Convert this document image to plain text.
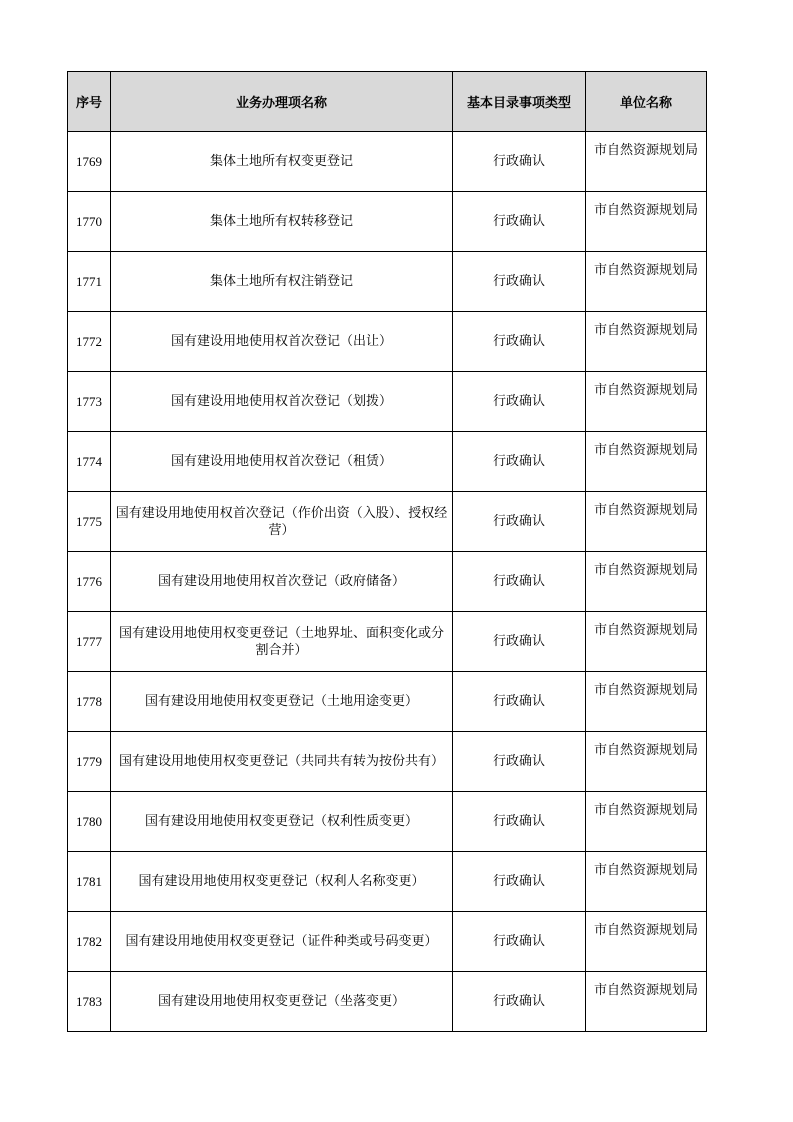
序号	业务办理项名称	基本目录事项类型	单位名称
1769	集体土地所有权变更登记	行政确认	市自然资源规划局
1770	集体土地所有权转移登记	行政确认	市自然资源规划局
1771	集体土地所有权注销登记	行政确认	市自然资源规划局
1772	国有建设用地使用权首次登记（出让）	行政确认	市自然资源规划局
1773	国有建设用地使用权首次登记（划拨）	行政确认	市自然资源规划局
1774	国有建设用地使用权首次登记（租赁）	行政确认	市自然资源规划局
1775	国有建设用地使用权首次登记（作价出资（入股）、授权经营）	行政确认	市自然资源规划局
1776	国有建设用地使用权首次登记（政府储备）	行政确认	市自然资源规划局
1777	国有建设用地使用权变更登记（土地界址、面积变化或分割合并）	行政确认	市自然资源规划局
1778	国有建设用地使用权变更登记（土地用途变更）	行政确认	市自然资源规划局
1779	国有建设用地使用权变更登记（共同共有转为按份共有）	行政确认	市自然资源规划局
1780	国有建设用地使用权变更登记（权利性质变更）	行政确认	市自然资源规划局
1781	国有建设用地使用权变更登记（权利人名称变更）	行政确认	市自然资源规划局
1782	国有建设用地使用权变更登记（证件种类或号码变更）	行政确认	市自然资源规划局
1783	国有建设用地使用权变更登记（坐落变更）	行政确认	市自然资源规划局
